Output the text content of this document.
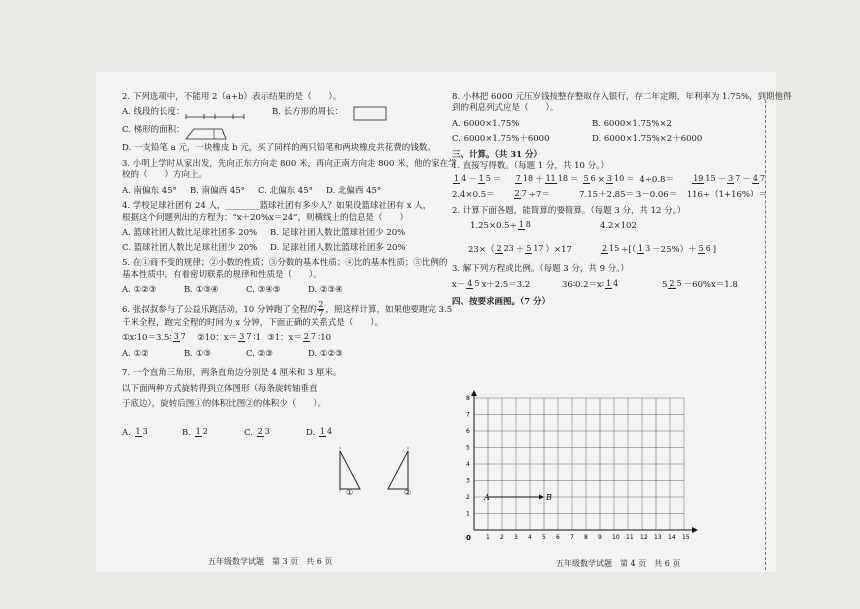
2. 下列选项中，不能用 2（a+b）表示结果的是（　　）。

A. 线段的长度：	B. 长方形的周长：
C. 梯形的面积：

D. 一支铅笔 a 元，一块橡皮 b 元，买了同样的两只铅笔和两块橡皮共花费的钱数。

3. 小明上学时从家出发，先向正东方向走 800 米，再向正南方向走 800 米，他的家在学

校的（　　）方向上。

A. 南偏东 45°	B. 南偏西 45°	C. 北偏东 45°	D. 北偏西 45°

4. 学校足球社团有 24 人，________篮球社团有多少人？如果设篮球社团有 x 人，

根据这个问题列出的方程为：“x＋20%x＝24”，则横线上的信息是（　　）

A. 篮球社团人数比足球社团多 20%	B. 足球社团人数比篮球社团少 20%
C. 篮球社团人数比足球社团少 20%	D. 足球社团人数比篮球社团多 20%

5. 在①商不变的规律；②小数的性质；③分数的基本性质；④比的基本性质；⑤比例的

基本性质中，有着密切联系的规律和性质是（　　）。

A. ①②③	B. ①③④	C. ③④⑤	D. ②③④

6. 张叔叔参与了公益乐跑活动，10 分钟跑了全程的 $\frac{2}{7}$ ，照这样计算，如果他要跑完 3.5

千米全程，跑完全程的时间为 x 分钟，下面正确的关系式是（　　）。

①x∶10＝3.5∶ 3 7	②10：x＝ 3 7 ∶1 ③1：x＝ 2 7 ∶10
A. ①②	B. ①③	C. ②③	D. ①②③

7. 一个直角三角形，两条直角边分别是 4 厘米和 3 厘米。

以下面两种方式旋转得到立体图形（每条旋转轴垂直

于底边），旋转后图①的体积比图②的体积少（　　）。

A. 1 3	B. 1 2	C. 2 3	D. 1 4
①	②
五年级数学试题　第 3 页　共 6 页

8. 小林把 6000 元压岁钱按整存整取存入银行，存二年定期，年利率为 1.75%，到期他得

到的利息列式应是（　　）。

A. 6000×1.75%	B. 6000×1.75%×2
C. 6000×1.75%＋6000	D. 6000×1.75%×2＋6000

三、计算。（共 31 分）

1. 直接写得数。（每题 1 分，共 10 分。）

1 4 － 1 5 ＝	7 18 ＋ 11 18 ＝ 5 6 × 3 10 ＝ 4÷0.8＝	19 15 － 3 7 － 4 7
2.4×0.5＝	2 7 ÷7＝	7.15＋2.85＝ 3－0.06＝	116÷（1+16%）＝

2. 计算下面各题，能简算的要简算。（每题 3 分，共 12 分。）

1.25×0.5÷ 1 8	4.2×102
23×（ 2 23 ＋ 5 17 ）×17	2 15 ÷[（ 1 3 －25%）＋ 5 6 ]

3. 解下列方程或比例。（每题 3 分，共 9 分。）

x－ 4 5 x＋2.5＝3.2	36∶0.2＝x∶ 1 4	5 2 5 －60%x＝1.8

四、按要求画图。（7 分）

1 2 3 4 5 6 7 8 9 10 11 12 13 14 15
1
2
3
4
5
6
7
8
A	B
0
五年级数学试题　第 4 页　共 6 页
